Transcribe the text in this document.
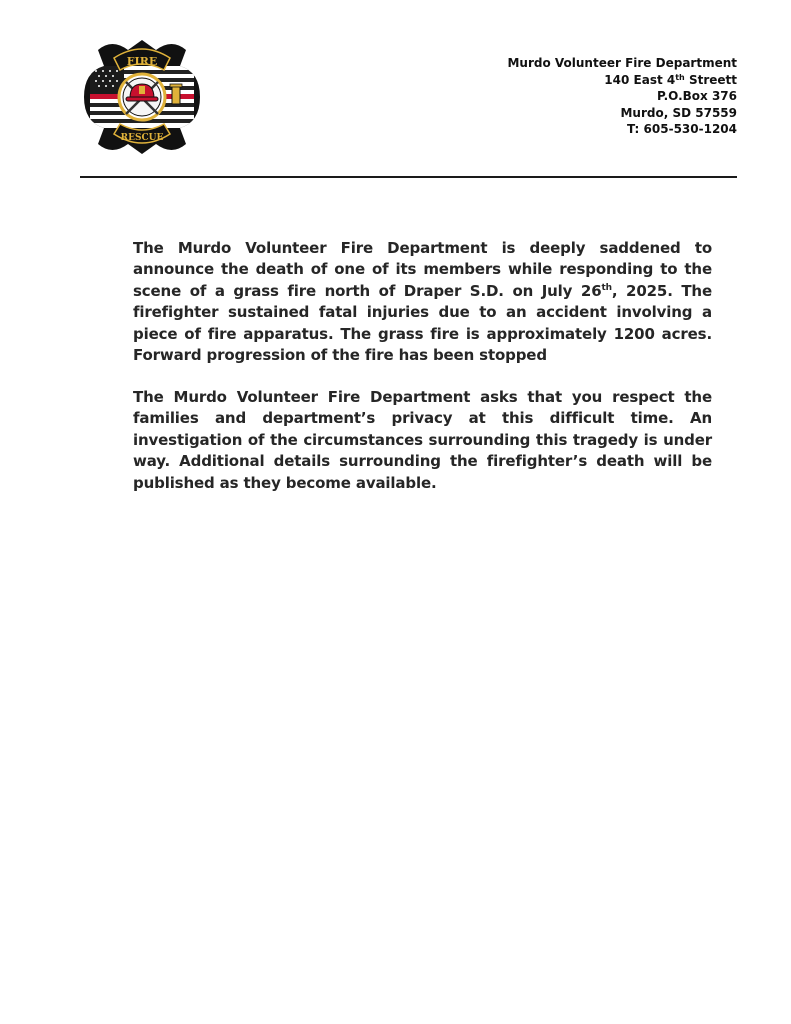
FIRE
RESCUE
Murdo Volunteer Fire Department
140 East 4th Streett
P.O.Box 376
Murdo, SD 57559
T: 605-530-1204
The Murdo Volunteer Fire Department is deeply saddened to announce the death of one of its members while responding to the scene of a grass fire north of Draper S.D. on July 26th, 2025. The firefighter sustained fatal injuries due to an accident involving a piece of fire apparatus. The grass fire is approximately 1200 acres. Forward progression of the fire has been stopped
The Murdo Volunteer Fire Department asks that you respect the families and department’s privacy at this difficult time. An investigation of the circumstances surrounding this tragedy is under way. Additional details surrounding the firefighter’s death will be published as they become available.
